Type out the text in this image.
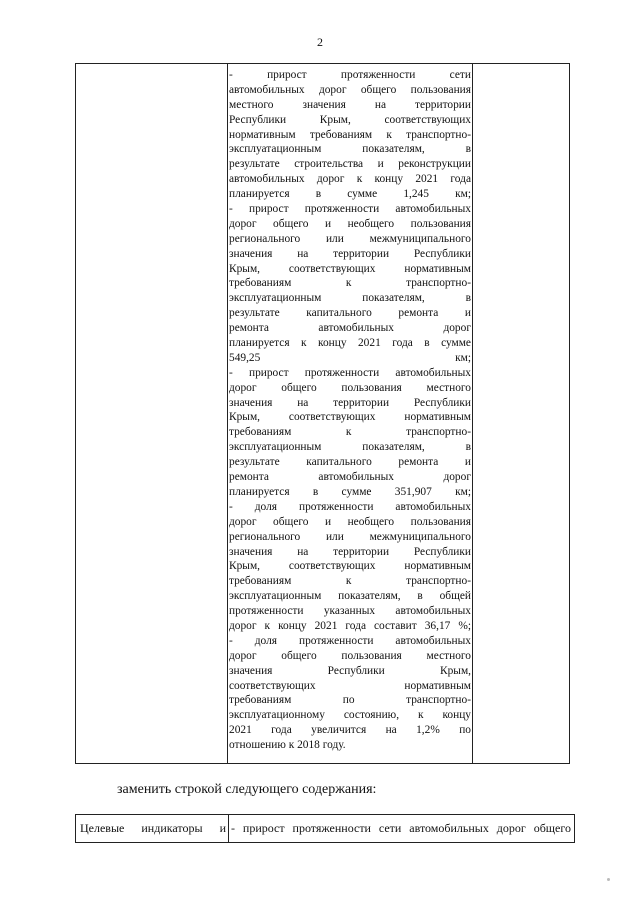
2
- прирост протяженности сети
автомобильных дорог общего пользования
местного значения на территории
Республики Крым, соответствующих
нормативным требованиям к транспортно-
эксплуатационным показателям, в
результате строительства и реконструкции
автомобильных дорог к концу 2021 года
планируется в сумме 1,245 км;
- прирост протяженности автомобильных
дорог общего и необщего пользования
регионального или межмуниципального
значения на территории Республики
Крым, соответствующих нормативным
требованиям к транспортно-
эксплуатационным показателям, в
результате капитального ремонта и
ремонта автомобильных дорог
планируется к концу 2021 года в сумме
549,25 км;
- прирост протяженности автомобильных
дорог общего пользования местного
значения на территории Республики
Крым, соответствующих нормативным
требованиям к транспортно-
эксплуатационным показателям, в
результате капитального ремонта и
ремонта автомобильных дорог
планируется в сумме 351,907 км;
- доля протяженности автомобильных
дорог общего и необщего пользования
регионального или межмуниципального
значения на территории Республики
Крым, соответствующих нормативным
требованиям к транспортно-
эксплуатационным показателям, в общей
протяженности указанных автомобильных
дорог к концу 2021 года составит 36,17 %;
- доля протяженности автомобильных
дорог общего пользования местного
значения Республики Крым,
соответствующих нормативным
требованиям по транспортно-
эксплуатационному состоянию, к концу
2021 года увеличится на 1,2% по
отношению к 2018 году.
заменить строкой следующего содержания:
Целевые индикаторы и - прирост протяженности сети автомобильных дорог общего
